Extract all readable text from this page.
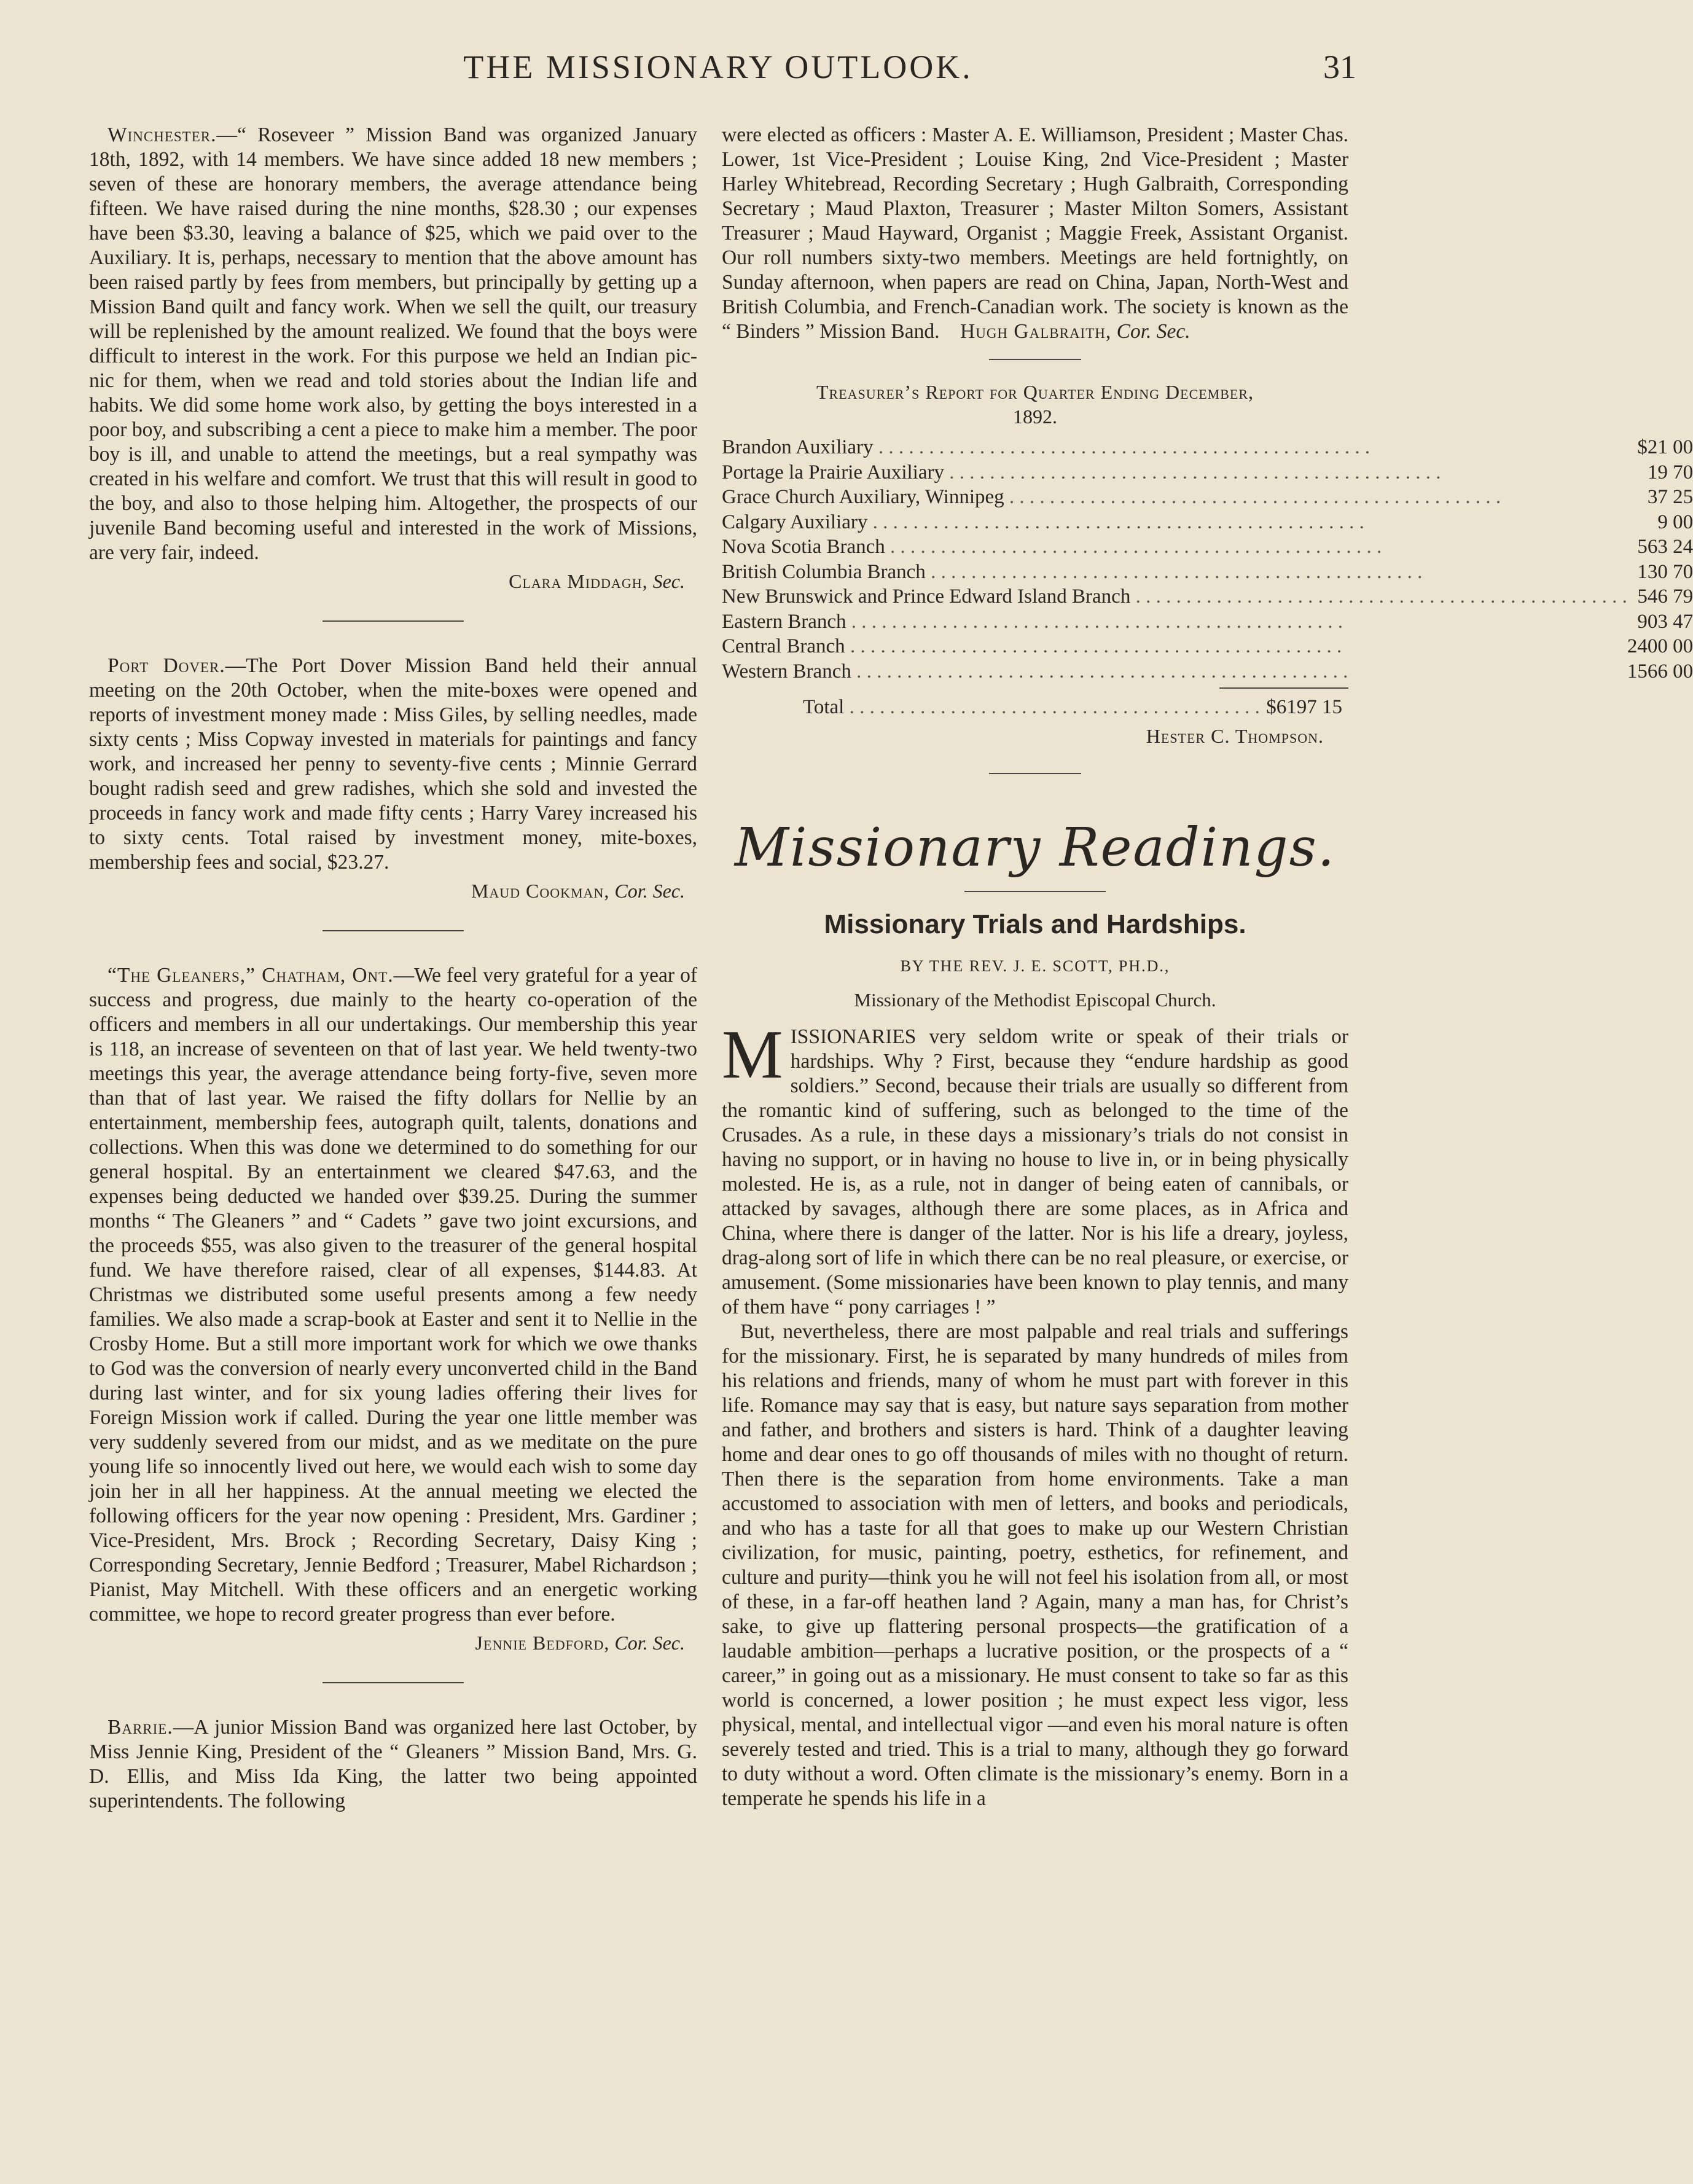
THE MISSIONARY OUTLOOK.	31

Winchester.—“ Roseveer ” Mission Band was organized January 18th, 1892, with 14 members. We have since added 18 new members ; seven of these are honorary members, the average attendance being fifteen. We have raised during the nine months, $28.30 ; our expenses have been $3.30, leaving a balance of $25, which we paid over to the Auxiliary. It is, perhaps, necessary to mention that the above amount has been raised partly by fees from members, but principally by getting up a Mission Band quilt and fancy work. When we sell the quilt, our treasury will be replenished by the amount realized. We found that the boys were difficult to interest in the work. For this purpose we held an Indian pic-nic for them, when we read and told stories about the Indian life and habits. We did some home work also, by getting the boys interested in a poor boy, and subscribing a cent a piece to make him a member. The poor boy is ill, and unable to attend the meetings, but a real sympathy was created in his welfare and comfort. We trust that this will result in good to the boy, and also to those helping him. Altogether, the prospects of our juvenile Band becoming useful and interested in the work of Missions, are very fair, indeed.

Clara Middagh, Sec.

Port Dover.—The Port Dover Mission Band held their annual meeting on the 20th October, when the mite-boxes were opened and reports of investment money made : Miss Giles, by selling needles, made sixty cents ; Miss Copway invested in materials for paintings and fancy work, and increased her penny to seventy-five cents ; Minnie Gerrard bought radish seed and grew radishes, which she sold and invested the proceeds in fancy work and made fifty cents ; Harry Varey increased his to sixty cents. Total raised by investment money, mite-boxes, membership fees and social, $23.27.

Maud Cookman, Cor. Sec.

“The Gleaners,” Chatham, Ont.—We feel very grateful for a year of success and progress, due mainly to the hearty co-operation of the officers and members in all our undertakings. Our membership this year is 118, an increase of seventeen on that of last year. We held twenty-two meetings this year, the average attendance being forty-five, seven more than that of last year. We raised the fifty dollars for Nellie by an entertainment, membership fees, autograph quilt, talents, donations and collections. When this was done we determined to do something for our general hospital. By an entertainment we cleared $47.63, and the expenses being deducted we handed over $39.25. During the summer months “ The Gleaners ” and “ Cadets ” gave two joint excursions, and the proceeds $55, was also given to the treasurer of the general hospital fund. We have therefore raised, clear of all expenses, $144.83. At Christmas we distributed some useful presents among a few needy families. We also made a scrap-book at Easter and sent it to Nellie in the Crosby Home. But a still more important work for which we owe thanks to God was the conversion of nearly every unconverted child in the Band during last winter, and for six young ladies offering their lives for Foreign Mission work if called. During the year one little member was very suddenly severed from our midst, and as we meditate on the pure young life so innocently lived out here, we would each wish to some day join her in all her happiness. At the annual meeting we elected the following officers for the year now opening : President, Mrs. Gardiner ; Vice-President, Mrs. Brock ; Recording Secretary, Daisy King ; Corresponding Secretary, Jennie Bedford ; Treasurer, Mabel Richardson ; Pianist, May Mitchell. With these officers and an energetic working committee, we hope to record greater progress than ever before.

Jennie Bedford, Cor. Sec.

Barrie.—A junior Mission Band was organized here last October, by Miss Jennie King, President of the “ Gleaners ” Mission Band, Mrs. G. D. Ellis, and Miss Ida King, the latter two being appointed superintendents. The following

were elected as officers : Master A. E. Williamson, President ; Master Chas. Lower, 1st Vice-President ; Louise King, 2nd Vice-President ; Master Harley Whitebread, Recording Secretary ; Hugh Galbraith, Corresponding Secretary ; Maud Plaxton, Treasurer ; Master Milton Somers, Assistant Treasurer ; Maud Hayward, Organist ; Maggie Freek, Assistant Organist. Our roll numbers sixty-two members. Meetings are held fortnightly, on Sunday afternoon, when papers are read on China, Japan, North-West and British Columbia, and French-Canadian work. The society is known as the “ Binders ” Mission Band. Hugh Galbraith, Cor. Sec.

Treasurer’s Report for Quarter Ending December,
1892.
Brandon Auxiliary . . . . . . . . . . . . . . . . . . . . . . . . . . . . . . . . . . . . . . . . . . . . . . . . .	$21 00
Portage la Prairie Auxiliary . . . . . . . . . . . . . . . . . . . . . . . . . . . . . . . . . . . . . . . . . . . . . . . . .	19 70
Grace Church Auxiliary, Winnipeg . . . . . . . . . . . . . . . . . . . . . . . . . . . . . . . . . . . . . . . . . . . . . . . . .	37 25
Calgary Auxiliary . . . . . . . . . . . . . . . . . . . . . . . . . . . . . . . . . . . . . . . . . . . . . . . . .	9 00
Nova Scotia Branch . . . . . . . . . . . . . . . . . . . . . . . . . . . . . . . . . . . . . . . . . . . . . . . . .	563 24
British Columbia Branch . . . . . . . . . . . . . . . . . . . . . . . . . . . . . . . . . . . . . . . . . . . . . . . . .	130 70
New Brunswick and Prince Edward Island Branch . . . . . . . . . . . . . . . . . . . . . . . . . . . . . . . . . . . . . . . . . . . . . . . . .	546 79
Eastern Branch . . . . . . . . . . . . . . . . . . . . . . . . . . . . . . . . . . . . . . . . . . . . . . . . .	903 47
Central Branch . . . . . . . . . . . . . . . . . . . . . . . . . . . . . . . . . . . . . . . . . . . . . . . . .	2400 00
Western Branch . . . . . . . . . . . . . . . . . . . . . . . . . . . . . . . . . . . . . . . . . . . . . . . . .	1566 00
Total . . . . . . . . . . . . . . . . . . . . . . . . . . . . . . . . . . . . . . . . .	$6197 15
Hester C. Thompson.
Missionary Readings.
Missionary Trials and Hardships.
BY THE REV. J. E. SCOTT, PH.D.,
Missionary of the Methodist Episcopal Church.

MISSIONARIES very seldom write or speak of their trials or hardships. Why ? First, because they “endure hardship as good soldiers.” Second, because their trials are usually so different from the romantic kind of suffering, such as belonged to the time of the Crusades. As a rule, in these days a missionary’s trials do not consist in having no support, or in having no house to live in, or in being physically molested. He is, as a rule, not in danger of being eaten of cannibals, or attacked by savages, although there are some places, as in Africa and China, where there is danger of the latter. Nor is his life a dreary, joyless, drag-along sort of life in which there can be no real pleasure, or exercise, or amusement. (Some missionaries have been known to play tennis, and many of them have “ pony carriages ! ”

But, nevertheless, there are most palpable and real trials and sufferings for the missionary. First, he is separated by many hundreds of miles from his relations and friends, many of whom he must part with forever in this life. Romance may say that is easy, but nature says separation from mother and father, and brothers and sisters is hard. Think of a daughter leaving home and dear ones to go off thousands of miles with no thought of return. Then there is the separation from home environments. Take a man accustomed to association with men of letters, and books and periodicals, and who has a taste for all that goes to make up our Western Christian civilization, for music, painting, poetry, esthetics, for refinement, and culture and purity—think you he will not feel his isolation from all, or most of these, in a far-off heathen land ? Again, many a man has, for Christ’s sake, to give up flattering personal prospects—the gratification of a laudable ambition—perhaps a lucrative position, or the prospects of a “ career,” in going out as a missionary. He must consent to take so far as this world is concerned, a lower position ; he must expect less vigor, less physical, mental, and intellectual vigor —and even his moral nature is often severely tested and tried. This is a trial to many, although they go forward to duty without a word. Often climate is the missionary’s enemy. Born in a temperate he spends his life in a
